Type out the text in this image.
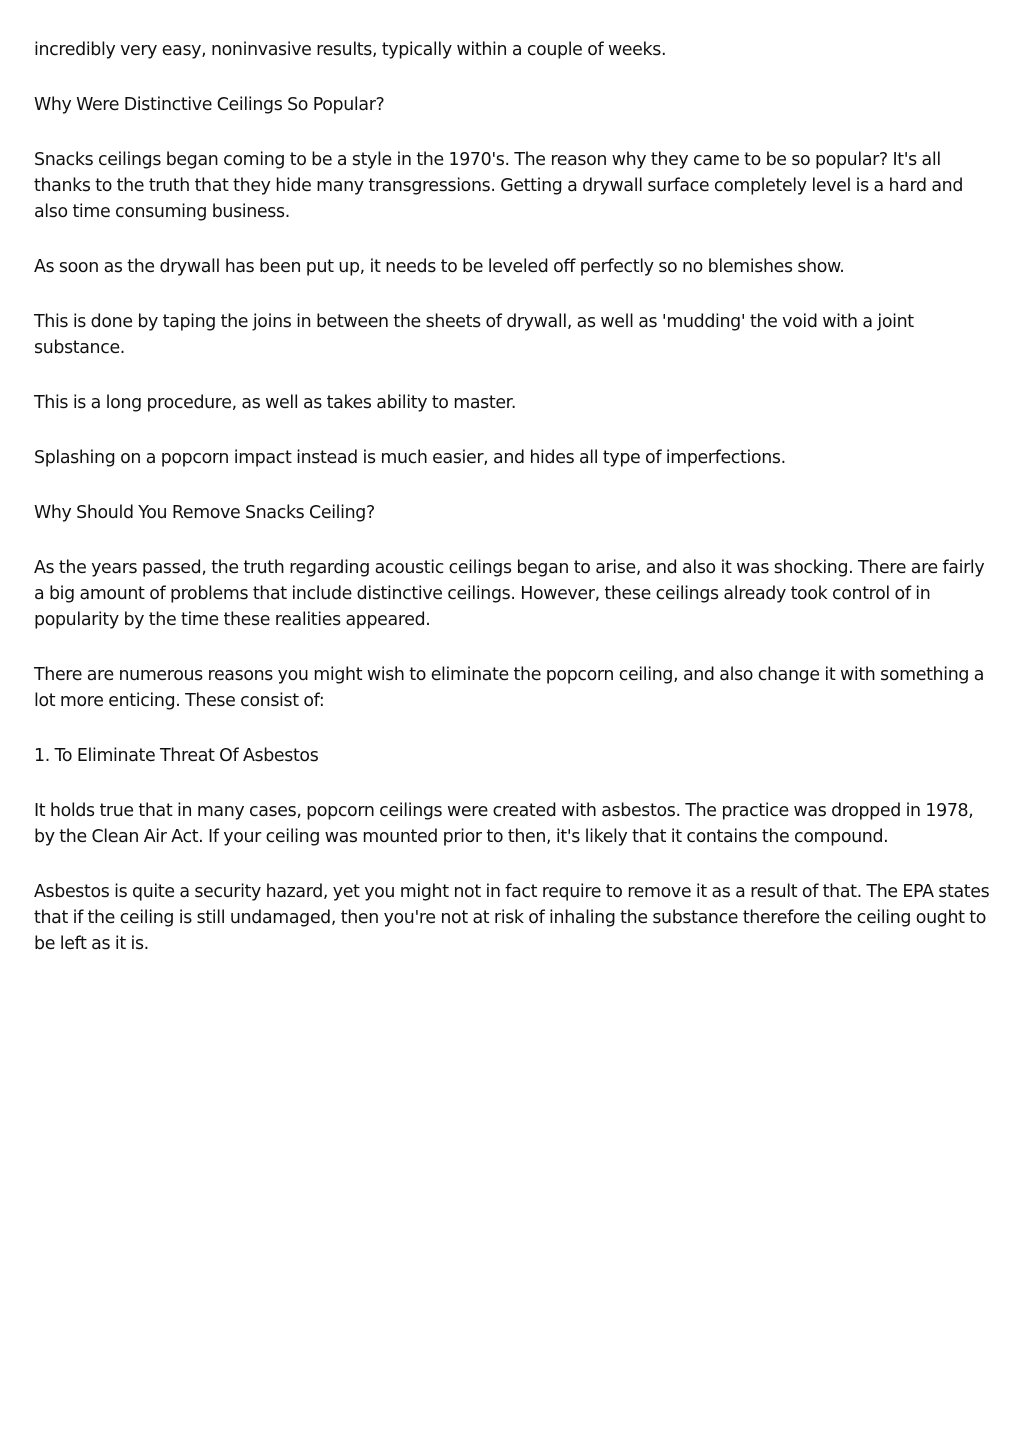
incredibly very easy, noninvasive results, typically within a couple of weeks.

Why Were Distinctive Ceilings So Popular?

Snacks ceilings began coming to be a style in the 1970's. The reason why they came to be so popular? It's all thanks to the truth that they hide many transgressions. Getting a drywall surface completely level is a hard and also time consuming business.

As soon as the drywall has been put up, it needs to be leveled off perfectly so no blemishes show.

This is done by taping the joins in between the sheets of drywall, as well as 'mudding' the void with a joint substance.

This is a long procedure, as well as takes ability to master.

Splashing on a popcorn impact instead is much easier, and hides all type of imperfections.

Why Should You Remove Snacks Ceiling?

As the years passed, the truth regarding acoustic ceilings began to arise, and also it was shocking. There are fairly a big amount of problems that include distinctive ceilings. However, these ceilings already took control of in popularity by the time these realities appeared.

There are numerous reasons you might wish to eliminate the popcorn ceiling, and also change it with something a lot more enticing. These consist of:

1. To Eliminate Threat Of Asbestos

It holds true that in many cases, popcorn ceilings were created with asbestos. The practice was dropped in 1978, by the Clean Air Act. If your ceiling was mounted prior to then, it's likely that it contains the compound.

Asbestos is quite a security hazard, yet you might not in fact require to remove it as a result of that. The EPA states that if the ceiling is still undamaged, then you're not at risk of inhaling the substance therefore the ceiling ought to be left as it is.
